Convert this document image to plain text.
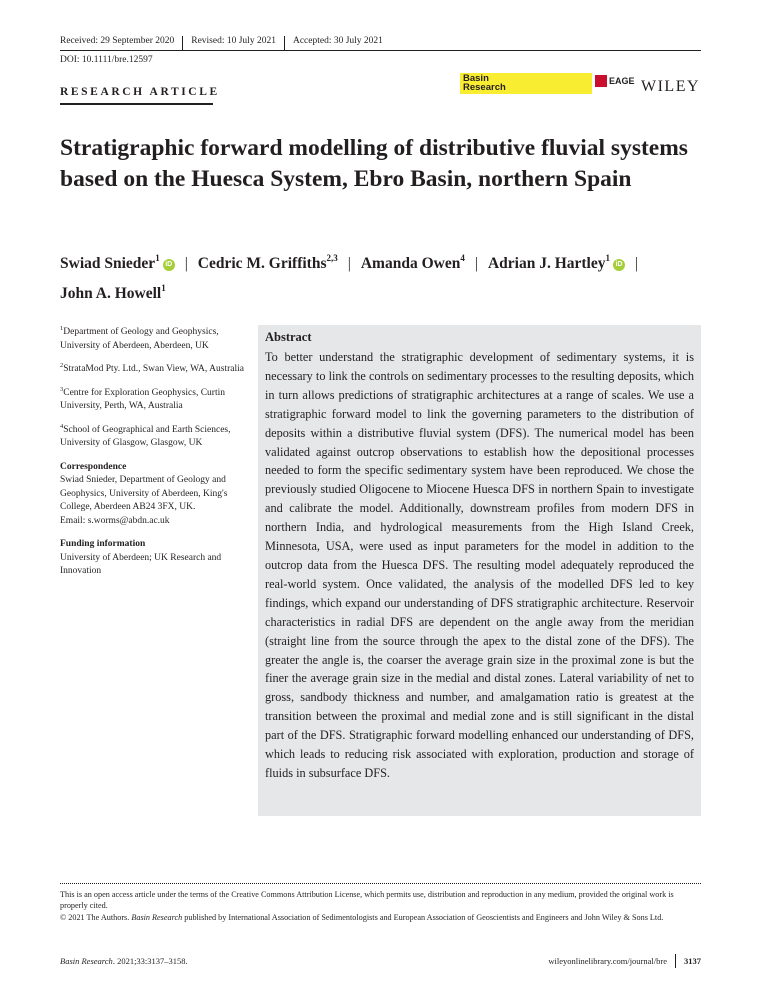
Received: 29 September 2020 Revised: 10 July 2021 Accepted: 30 July 2021
DOI: 10.1111/bre.12597
RESEARCH ARTICLE
Basin Research
EAGE WILEY
Stratigraphic forward modelling of distributive fluvial systems based on the Huesca System, Ebro Basin, northern Spain
Swiad Snieder$^1$iD | Cedric M. Griffiths$^{2,3}$ | Amanda Owen$^4$ | Adrian J. Hartley$^1$iD |
John A. Howell$^1$

$^1$Department of Geology and Geophysics, University of Aberdeen, Aberdeen, UK

$^2$StrataMod Pty. Ltd., Swan View, WA, Australia

$^3$Centre for Exploration Geophysics, Curtin University, Perth, WA, Australia

$^4$School of Geographical and Earth Sciences, University of Glasgow, Glasgow, UK

Correspondence

Swiad Snieder, Department of Geology and Geophysics, University of Aberdeen, King's College, Aberdeen AB24 3FX, UK.
Email: s.worms@abdn.ac.uk

Funding information

University of Aberdeen; UK Research and Innovation

Abstract

To better understand the stratigraphic development of sedimentary systems, it is necessary to link the controls on sedimentary processes to the resulting deposits, which in turn allows predictions of stratigraphic architectures at a range of scales. We use a stratigraphic forward model to link the governing parameters to the distribution of deposits within a distributive fluvial system (DFS). The numerical model has been validated against outcrop observations to establish how the depositional processes needed to form the specific sedimentary system have been reproduced. We chose the previously studied Oligocene to Miocene Huesca DFS in northern Spain to investigate and calibrate the model. Additionally, downstream profiles from modern DFS in northern India, and hydrological measurements from the High Island Creek, Minnesota, USA, were used as input parameters for the model in addition to the outcrop data from the Huesca DFS. The resulting model adequately reproduced the real-world system. Once validated, the analysis of the modelled DFS led to key findings, which expand our understanding of DFS stratigraphic architecture. Reservoir characteristics in radial DFS are dependent on the angle away from the meridian (straight line from the source through the apex to the distal zone of the DFS). The greater the angle is, the coarser the average grain size in the proximal zone is but the finer the average grain size in the medial and distal zones. Lateral variability of net to gross, sandbody thickness and number, and amalgamation ratio is greatest at the transition between the proximal and medial zone and is still significant in the distal part of the DFS. Stratigraphic forward modelling enhanced our understanding of DFS, which leads to reducing risk associated with exploration, production and storage of fluids in subsurface DFS.

This is an open access article under the terms of the Creative Commons Attribution License, which permits use, distribution and reproduction in any medium, provided the original work is properly cited.

© 2021 The Authors. Basin Research published by International Association of Sedimentologists and European Association of Geoscientists and Engineers and John Wiley & Sons Ltd.

Basin Research. 2021;33:3137–3158.	wileyonlinelibrary.com/journal/bre 3137
